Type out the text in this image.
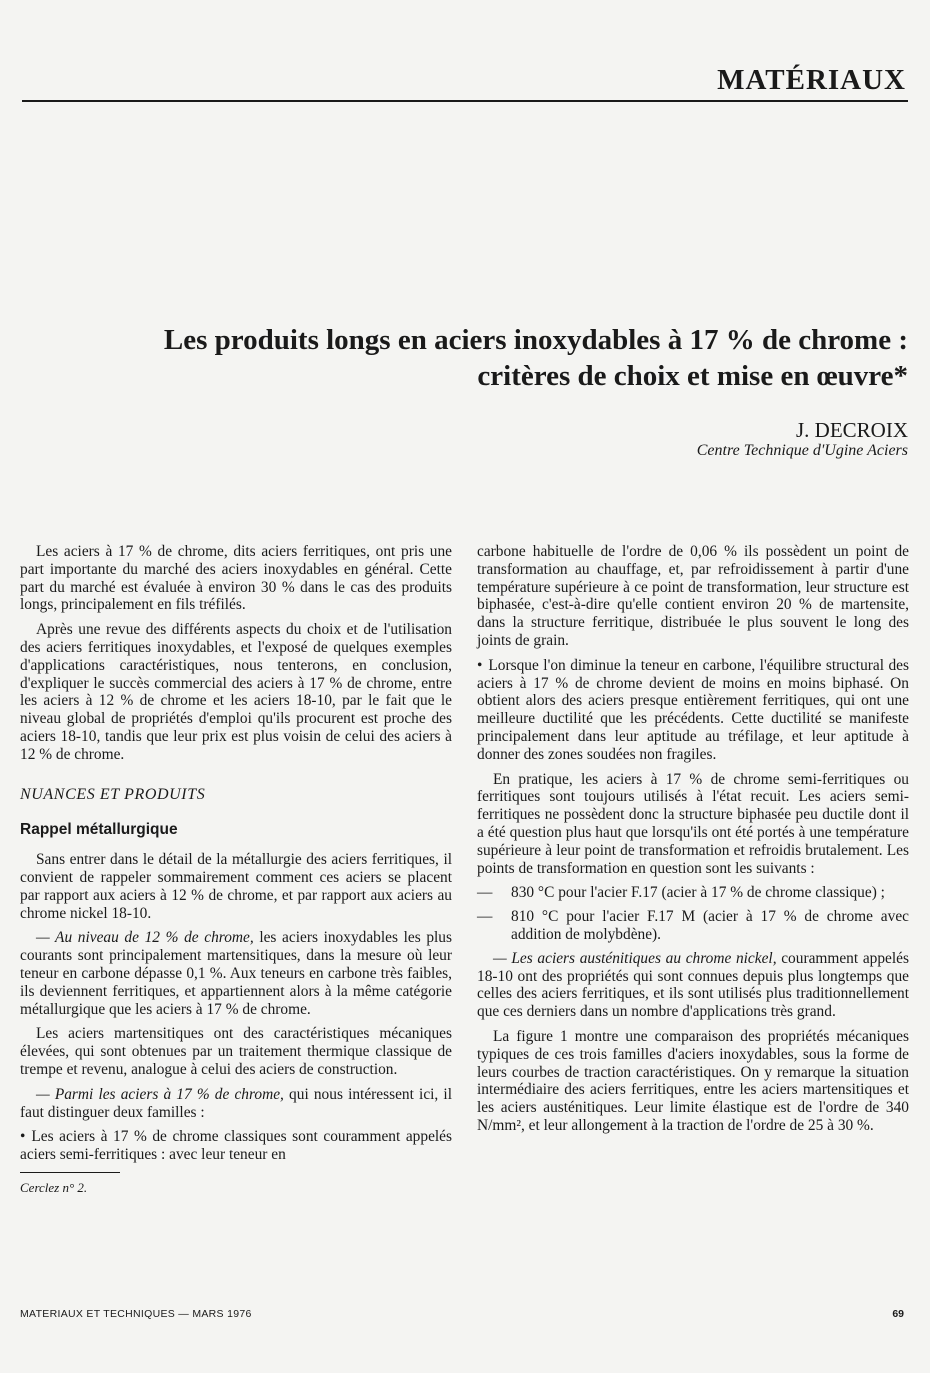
MATÉRIAUX
Les produits longs en aciers inoxydables à 17 % de chrome :
critères de choix et mise en œuvre*
J. DECROIX
Centre Technique d'Ugine Aciers

Les aciers à 17 % de chrome, dits aciers ferritiques, ont pris une part importante du marché des aciers inoxydables en général. Cette part du marché est évaluée à environ 30 % dans le cas des produits longs, principalement en fils tréfilés.

Après une revue des différents aspects du choix et de l'utilisation des aciers ferritiques inoxydables, et l'exposé de quelques exemples d'applications caractéristiques, nous tenterons, en conclusion, d'expliquer le succès commercial des aciers à 17 % de chrome, entre les aciers à 12 % de chrome et les aciers 18-10, par le fait que le niveau global de propriétés d'emploi qu'ils procurent est proche des aciers 18-10, tandis que leur prix est plus voisin de celui des aciers à 12 % de chrome.

NUANCES ET PRODUITS
Rappel métallurgique

Sans entrer dans le détail de la métallurgie des aciers ferritiques, il convient de rappeler sommairement comment ces aciers se placent par rapport aux aciers à 12 % de chrome, et par rapport aux aciers au chrome nickel 18-10.

— Au niveau de 12 % de chrome, les aciers inoxydables les plus courants sont principalement martensitiques, dans la mesure où leur teneur en carbone dépasse 0,1 %. Aux teneurs en carbone très faibles, ils deviennent ferritiques, et appartiennent alors à la même catégorie métallurgique que les aciers à 17 % de chrome.

Les aciers martensitiques ont des caractéristiques mécaniques élevées, qui sont obtenues par un traitement thermique classique de trempe et revenu, analogue à celui des aciers de construction.

— Parmi les aciers à 17 % de chrome, qui nous intéressent ici, il faut distinguer deux familles :

• Les aciers à 17 % de chrome classiques sont couramment appelés aciers semi-ferritiques : avec leur teneur en

Cerclez n° 2.

carbone habituelle de l'ordre de 0,06 % ils possèdent un point de transformation au chauffage, et, par refroidissement à partir d'une température supérieure à ce point de transformation, leur structure est biphasée, c'est-à-dire qu'elle contient environ 20 % de martensite, dans la structure ferritique, distribuée le plus souvent le long des joints de grain.

• Lorsque l'on diminue la teneur en carbone, l'équilibre structural des aciers à 17 % de chrome devient de moins en moins biphasé. On obtient alors des aciers presque entièrement ferritiques, qui ont une meilleure ductilité que les précédents. Cette ductilité se manifeste principalement dans leur aptitude au tréfilage, et leur aptitude à donner des zones soudées non fragiles.

En pratique, les aciers à 17 % de chrome semi-ferritiques ou ferritiques sont toujours utilisés à l'état recuit. Les aciers semi-ferritiques ne possèdent donc la structure biphasée peu ductile dont il a été question plus haut que lorsqu'ils ont été portés à une température supérieure à leur point de transformation et refroidis brutalement. Les points de transformation en question sont les suivants :

—	830 °C pour l'acier F.17 (acier à 17 % de chrome classique) ;
—	810 °C pour l'acier F.17 M (acier à 17 % de chrome avec addition de molybdène).

— Les aciers austénitiques au chrome nickel, couramment appelés 18-10 ont des propriétés qui sont connues depuis plus longtemps que celles des aciers ferritiques, et ils sont utilisés plus traditionnellement que ces derniers dans un nombre d'applications très grand.

La figure 1 montre une comparaison des propriétés mécaniques typiques de ces trois familles d'aciers inoxydables, sous la forme de leurs courbes de traction caractéristiques. On y remarque la situation intermédiaire des aciers ferritiques, entre les aciers martensitiques et les aciers austénitiques. Leur limite élastique est de l'ordre de 340 N/mm², et leur allongement à la traction de l'ordre de 25 à 30 %.

MATERIAUX ET TECHNIQUES — MARS 1976	69
